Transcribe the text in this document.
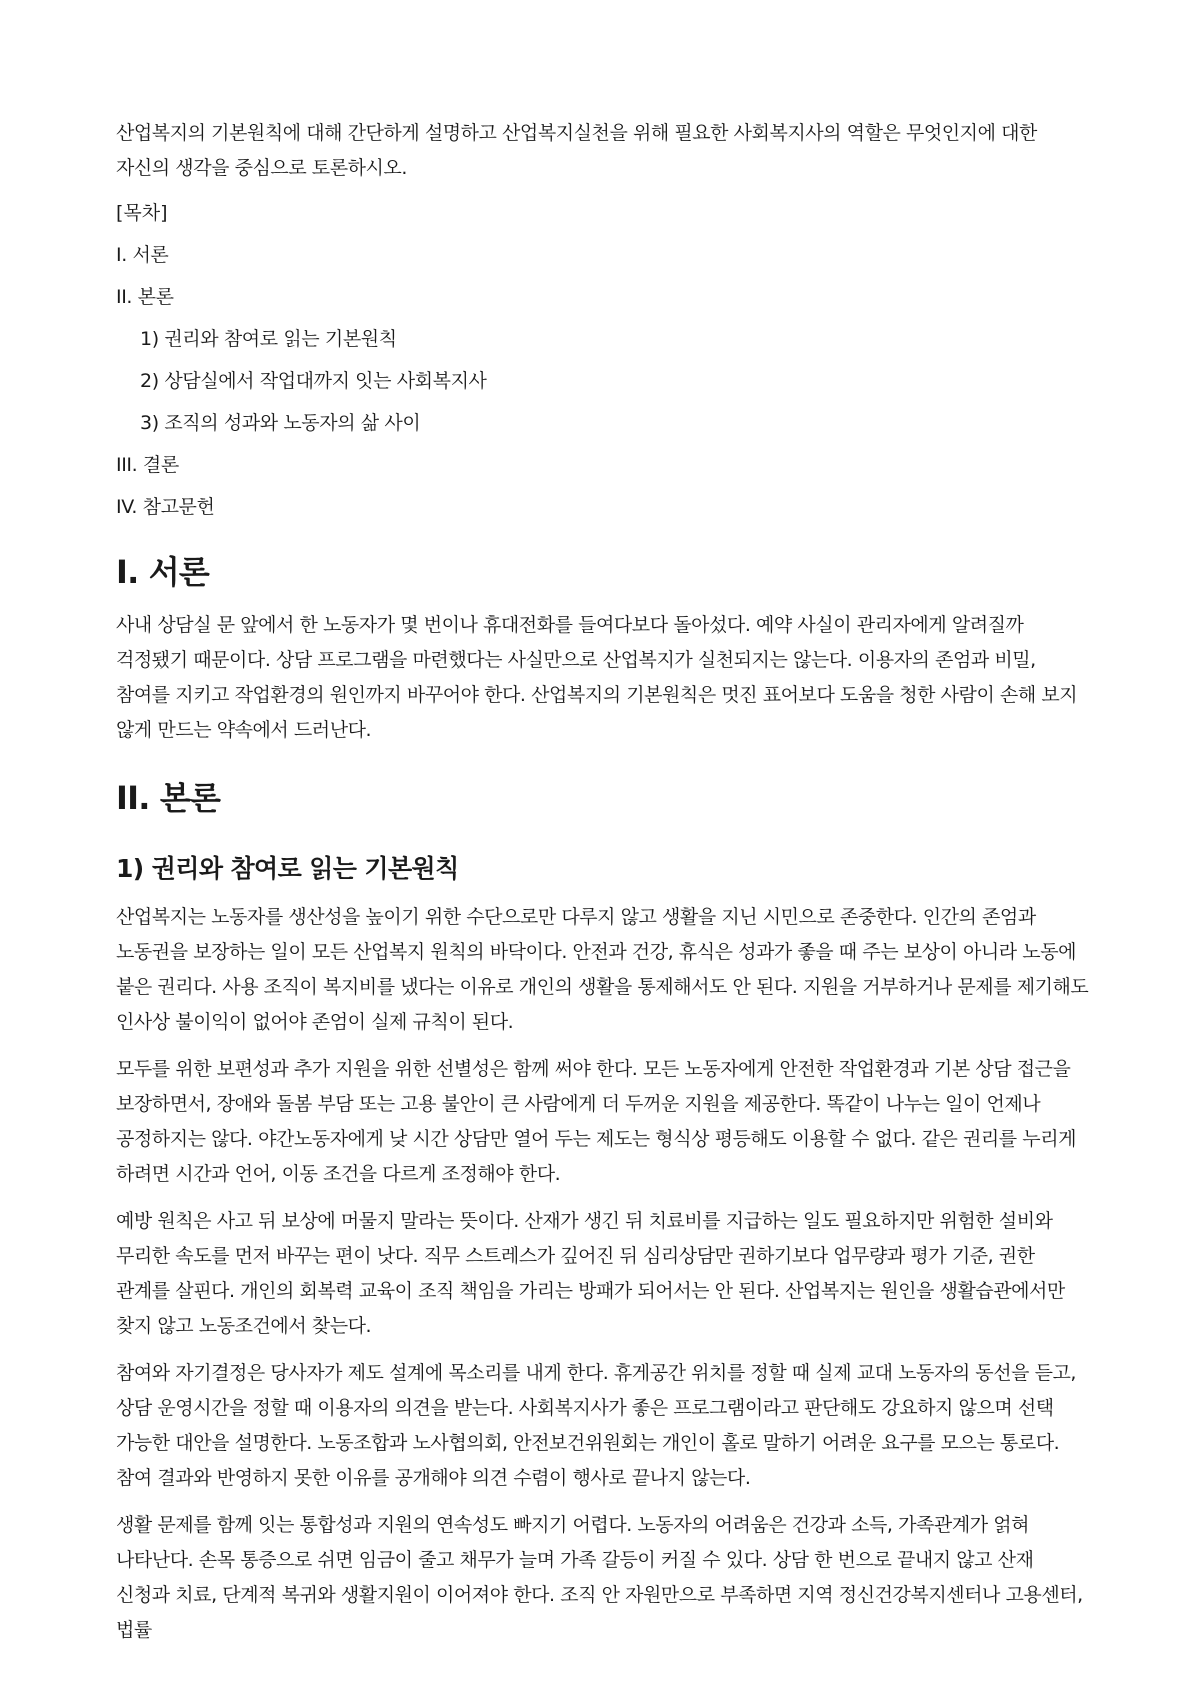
산업복지의 기본원칙에 대해 간단하게 설명하고 산업복지실천을 위해 필요한 사회복지사의 역할은 무엇인지에 대한 자신의 생각을 중심으로 토론하시오.

[목차]
I. 서론
II. 본론
1) 권리와 참여로 읽는 기본원칙
2) 상담실에서 작업대까지 잇는 사회복지사
3) 조직의 성과와 노동자의 삶 사이
III. 결론
IV. 참고문헌
I. 서론

사내 상담실 문 앞에서 한 노동자가 몇 번이나 휴대전화를 들여다보다 돌아섰다. 예약 사실이 관리자에게 알려질까 걱정됐기 때문이다. 상담 프로그램을 마련했다는 사실만으로 산업복지가 실천되지는 않는다. 이용자의 존엄과 비밀, 참여를 지키고 작업환경의 원인까지 바꾸어야 한다. 산업복지의 기본원칙은 멋진 표어보다 도움을 청한 사람이 손해 보지 않게 만드는 약속에서 드러난다.

II. 본론
1) 권리와 참여로 읽는 기본원칙

산업복지는 노동자를 생산성을 높이기 위한 수단으로만 다루지 않고 생활을 지닌 시민으로 존중한다. 인간의 존엄과 노동권을 보장하는 일이 모든 산업복지 원칙의 바닥이다. 안전과 건강, 휴식은 성과가 좋을 때 주는 보상이 아니라 노동에 붙은 권리다. 사용 조직이 복지비를 냈다는 이유로 개인의 생활을 통제해서도 안 된다. 지원을 거부하거나 문제를 제기해도 인사상 불이익이 없어야 존엄이 실제 규칙이 된다.

모두를 위한 보편성과 추가 지원을 위한 선별성은 함께 써야 한다. 모든 노동자에게 안전한 작업환경과 기본 상담 접근을 보장하면서, 장애와 돌봄 부담 또는 고용 불안이 큰 사람에게 더 두꺼운 지원을 제공한다. 똑같이 나누는 일이 언제나 공정하지는 않다. 야간노동자에게 낮 시간 상담만 열어 두는 제도는 형식상 평등해도 이용할 수 없다. 같은 권리를 누리게 하려면 시간과 언어, 이동 조건을 다르게 조정해야 한다.

예방 원칙은 사고 뒤 보상에 머물지 말라는 뜻이다. 산재가 생긴 뒤 치료비를 지급하는 일도 필요하지만 위험한 설비와 무리한 속도를 먼저 바꾸는 편이 낫다. 직무 스트레스가 깊어진 뒤 심리상담만 권하기보다 업무량과 평가 기준, 권한 관계를 살핀다. 개인의 회복력 교육이 조직 책임을 가리는 방패가 되어서는 안 된다. 산업복지는 원인을 생활습관에서만 찾지 않고 노동조건에서 찾는다.

참여와 자기결정은 당사자가 제도 설계에 목소리를 내게 한다. 휴게공간 위치를 정할 때 실제 교대 노동자의 동선을 듣고, 상담 운영시간을 정할 때 이용자의 의견을 받는다. 사회복지사가 좋은 프로그램이라고 판단해도 강요하지 않으며 선택 가능한 대안을 설명한다. 노동조합과 노사협의회, 안전보건위원회는 개인이 홀로 말하기 어려운 요구를 모으는 통로다. 참여 결과와 반영하지 못한 이유를 공개해야 의견 수렴이 행사로 끝나지 않는다.

생활 문제를 함께 잇는 통합성과 지원의 연속성도 빠지기 어렵다. 노동자의 어려움은 건강과 소득, 가족관계가 얽혀 나타난다. 손목 통증으로 쉬면 임금이 줄고 채무가 늘며 가족 갈등이 커질 수 있다. 상담 한 번으로 끝내지 않고 산재 신청과 치료, 단계적 복귀와 생활지원이 이어져야 한다. 조직 안 자원만으로 부족하면 지역 정신건강복지센터나 고용센터, 법률
